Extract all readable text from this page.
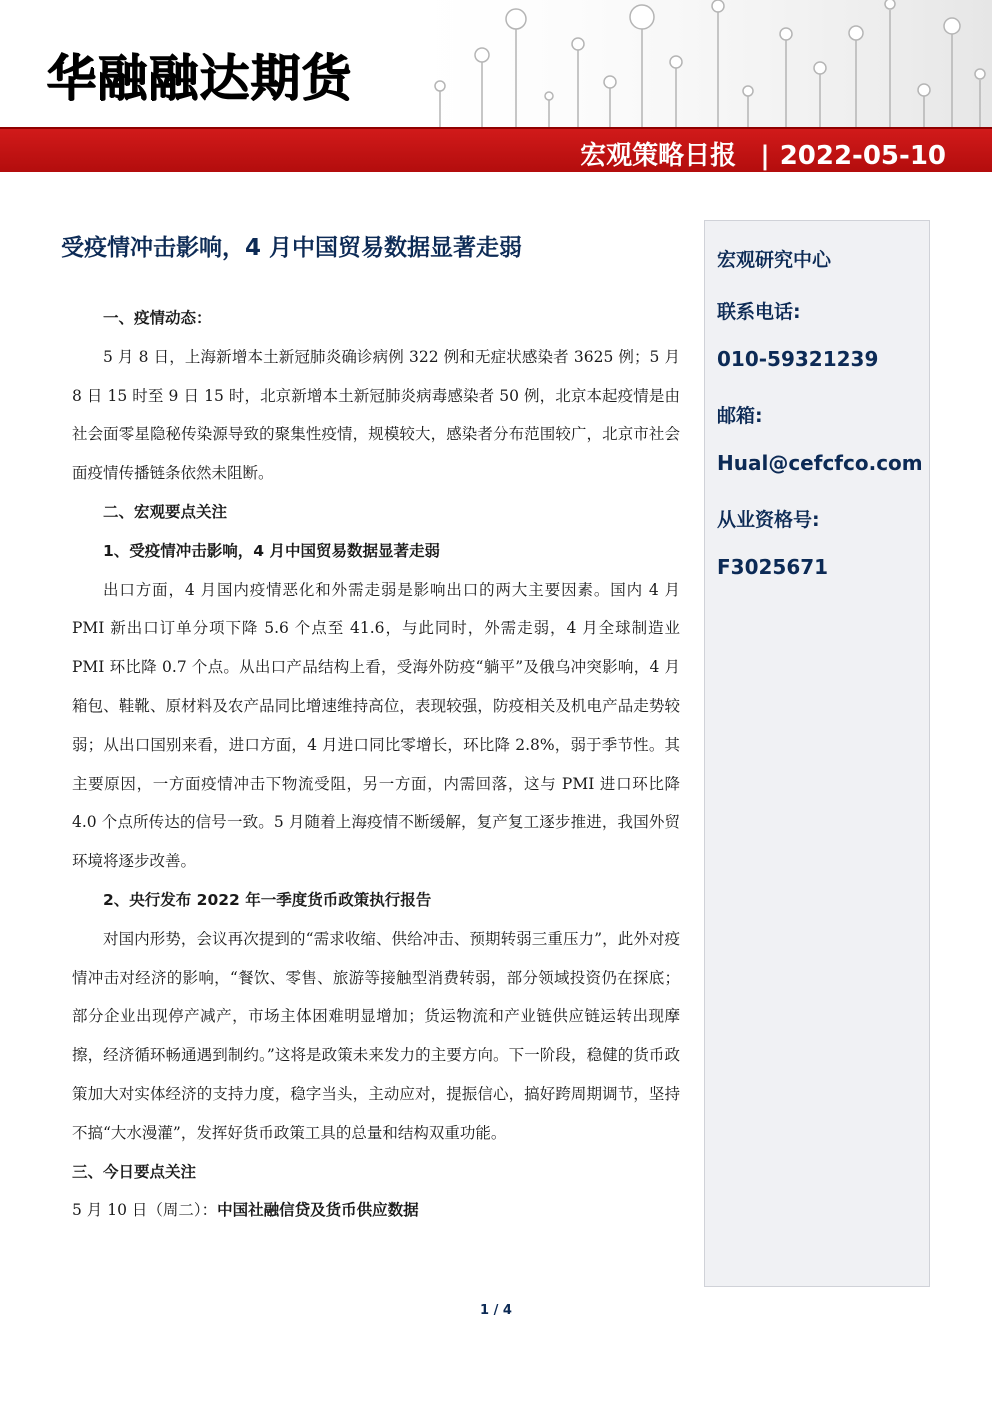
华融融达期货
宏观策略日报 | 2022-05-10
受疫情冲击影响，4 月中国贸易数据显著走弱

一、疫情动态：

5 月 8 日，上海新增本土新冠肺炎确诊病例 322 例和无症状感染者 3625 例；5 月 8 日 15 时至 9 日 15 时，北京新增本土新冠肺炎病毒感染者 50 例，北京本起疫情是由社会面零星隐秘传染源导致的聚集性疫情，规模较大，感染者分布范围较广，北京市社会面疫情传播链条依然未阻断。

二、宏观要点关注

1、受疫情冲击影响，4 月中国贸易数据显著走弱

出口方面，4 月国内疫情恶化和外需走弱是影响出口的两大主要因素。国内 4 月 PMI 新出口订单分项下降 5.6 个点至 41.6，与此同时，外需走弱，4 月全球制造业 PMI 环比降 0.7 个点。从出口产品结构上看，受海外防疫“躺平”及俄乌冲突影响，4 月箱包、鞋靴、原材料及农产品同比增速维持高位，表现较强，防疫相关及机电产品走势较弱；从出口国别来看，进口方面，4 月进口同比零增长，环比降 2.8%，弱于季节性。其主要原因，一方面疫情冲击下物流受阻，另一方面，内需回落，这与 PMI 进口环比降 4.0 个点所传达的信号一致。5 月随着上海疫情不断缓解，复产复工逐步推进，我国外贸环境将逐步改善。

2、央行发布 2022 年一季度货币政策执行报告

对国内形势，会议再次提到的“需求收缩、供给冲击、预期转弱三重压力”，此外对疫情冲击对经济的影响，“餐饮、零售、旅游等接触型消费转弱，部分领域投资仍在探底；部分企业出现停产减产，市场主体困难明显增加；货运物流和产业链供应链运转出现摩擦，经济循环畅通遇到制约。”这将是政策未来发力的主要方向。下一阶段，稳健的货币政策加大对实体经济的支持力度，稳字当头，主动应对，提振信心，搞好跨周期调节，坚持不搞“大水漫灌”，发挥好货币政策工具的总量和结构双重功能。

三、今日要点关注

5 月 10 日（周二）：中国社融信贷及货币供应数据

宏观研究中心
联系电话:
010-59321239
邮箱:
Hual@cefcfco.com
从业资格号:
F3025671
1 / 4
